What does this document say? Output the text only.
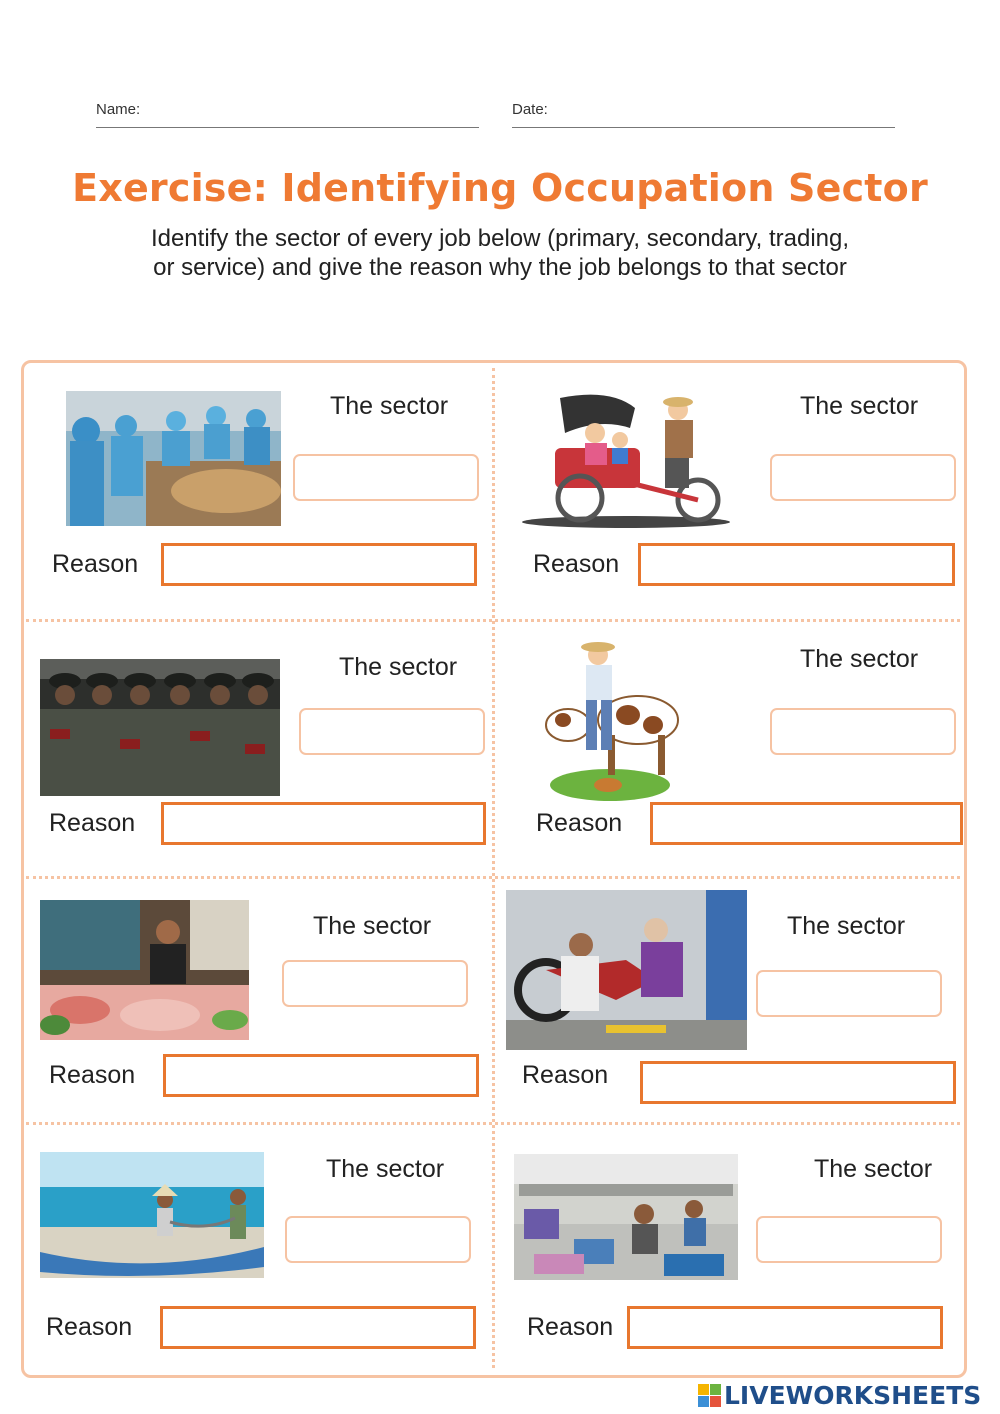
Name:	Date:
Exercise: Identifying Occupation Sector
Identify the sector of every job below (primary, secondary, trading, or service) and give the reason why the job belongs to that sector
The sector
Reason
The sector
Reason
The sector
Reason
The sector
Reason
The sector
Reason
The sector
Reason
The sector
Reason
The sector
Reason
LIVEWORKSHEETS
